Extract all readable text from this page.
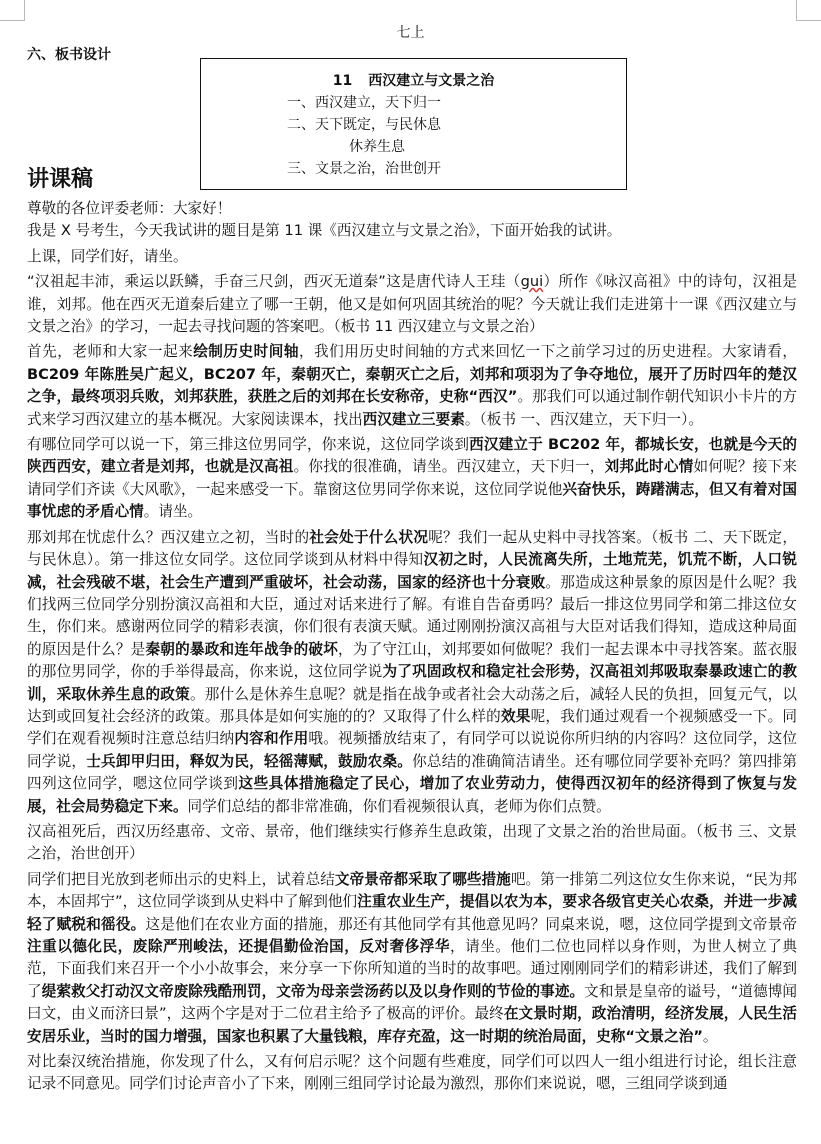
七上
六、板书设计
11 西汉建立与文景之治
一、西汉建立，天下归一
二、天下既定，与民休息
休养生息
三、文景之治，治世创开
讲课稿

尊敬的各位评委老师：大家好！

我是 X 号考生，今天我试讲的题目是第 11 课《西汉建立与文景之治》，下面开始我的试讲。

上课，同学们好，请坐。

“汉祖起丰沛，乘运以跃鳞，手奋三尺剑，西灭无道秦”这是唐代诗人王珪（gui）所作《咏汉高祖》中的诗句，汉祖是谁，刘邦。他在西灭无道秦后建立了哪一王朝，他又是如何巩固其统治的呢？今天就让我们走进第十一课《西汉建立与文景之治》的学习，一起去寻找问题的答案吧。（板书 11 西汉建立与文景之治）

首先，老师和大家一起来绘制历史时间轴，我们用历史时间轴的方式来回忆一下之前学习过的历史进程。大家请看，BC209 年陈胜吴广起义，BC207 年，秦朝灭亡，秦朝灭亡之后，刘邦和项羽为了争夺地位，展开了历时四年的楚汉之争，最终项羽兵败，刘邦获胜，获胜之后的刘邦在长安称帝，史称“西汉”。那我们可以通过制作朝代知识小卡片的方式来学习西汉建立的基本概况。大家阅读课本，找出西汉建立三要素。（板书 一、西汉建立，天下归一）。

有哪位同学可以说一下，第三排这位男同学，你来说，这位同学谈到西汉建立于 BC202 年，都城长安，也就是今天的陕西西安，建立者是刘邦，也就是汉高祖。你找的很准确，请坐。西汉建立，天下归一，刘邦此时心情如何呢？接下来请同学们齐读《大风歌》，一起来感受一下。靠窗这位男同学你来说，这位同学说他兴奋快乐，踌躇满志，但又有着对国事忧虑的矛盾心情。请坐。

那刘邦在忧虑什么？西汉建立之初，当时的社会处于什么状况呢？我们一起从史料中寻找答案。（板书 二、天下既定，与民休息）。第一排这位女同学。这位同学谈到从材料中得知汉初之时，人民流离失所，土地荒芜，饥荒不断，人口锐减，社会残破不堪，社会生产遭到严重破坏，社会动荡，国家的经济也十分衰败。那造成这种景象的原因是什么呢？我们找两三位同学分别扮演汉高祖和大臣，通过对话来进行了解。有谁自告奋勇吗？最后一排这位男同学和第二排这位女生，你们来。感谢两位同学的精彩表演，你们很有表演天赋。通过刚刚扮演汉高祖与大臣对话我们得知，造成这种局面的原因是什么？是秦朝的暴政和连年战争的破坏，为了守江山，刘邦要如何做呢？我们一起去课本中寻找答案。蓝衣服的那位男同学，你的手举得最高，你来说，这位同学说为了巩固政权和稳定社会形势，汉高祖刘邦吸取秦暴政速亡的教训，采取休养生息的政策。那什么是休养生息呢？就是指在战争或者社会大动荡之后，减轻人民的负担，回复元气，以达到或回复社会经济的政策。那具体是如何实施的的？又取得了什么样的效果呢，我们通过观看一个视频感受一下。同学们在观看视频时注意总结归纳内容和作用哦。视频播放结束了，有同学可以说说你所归纳的内容吗？这位同学，这位同学说，士兵卸甲归田，释奴为民，轻徭薄赋，鼓励农桑。你总结的准确简洁请坐。还有哪位同学要补充吗？第四排第四列这位同学，嗯这位同学谈到这些具体措施稳定了民心，增加了农业劳动力，使得西汉初年的经济得到了恢复与发展，社会局势稳定下来。同学们总结的都非常准确，你们看视频很认真，老师为你们点赞。

汉高祖死后，西汉历经惠帝、文帝、景帝，他们继续实行修养生息政策，出现了文景之治的治世局面。（板书 三、文景之治，治世创开）

同学们把目光放到老师出示的史料上，试着总结文帝景帝都采取了哪些措施吧。第一排第二列这位女生你来说，“民为邦本，本固邦宁”，这位同学谈到从史料中了解到他们注重农业生产，提倡以农为本，要求各级官吏关心农桑，并进一步减轻了赋税和徭役。这是他们在农业方面的措施，那还有其他同学有其他意见吗？同桌来说，嗯，这位同学提到文帝景帝注重以德化民，废除严刑峻法，还提倡勤俭治国，反对奢侈浮华，请坐。他们二位也同样以身作则，为世人树立了典范，下面我们来召开一个小小故事会，来分享一下你所知道的当时的故事吧。通过刚刚同学们的精彩讲述，我们了解到了缇萦救父打动汉文帝废除残酷刑罚，文帝为母亲尝汤药以及以身作则的节俭的事迹。文和景是皇帝的谥号，“道德博闻曰文，由义而济曰景”，这两个字是对于二位君主给予了极高的评价。最终在文景时期，政治清明，经济发展，人民生活安居乐业，当时的国力增强，国家也积累了大量钱粮，库存充盈，这一时期的统治局面，史称“文景之治”。

对比秦汉统治措施，你发现了什么，又有何启示呢？这个问题有些难度，同学们可以四人一组小组进行讨论，组长注意记录不同意见。同学们讨论声音小了下来，刚刚三组同学讨论最为激烈，那你们来说说，嗯，三组同学谈到通
